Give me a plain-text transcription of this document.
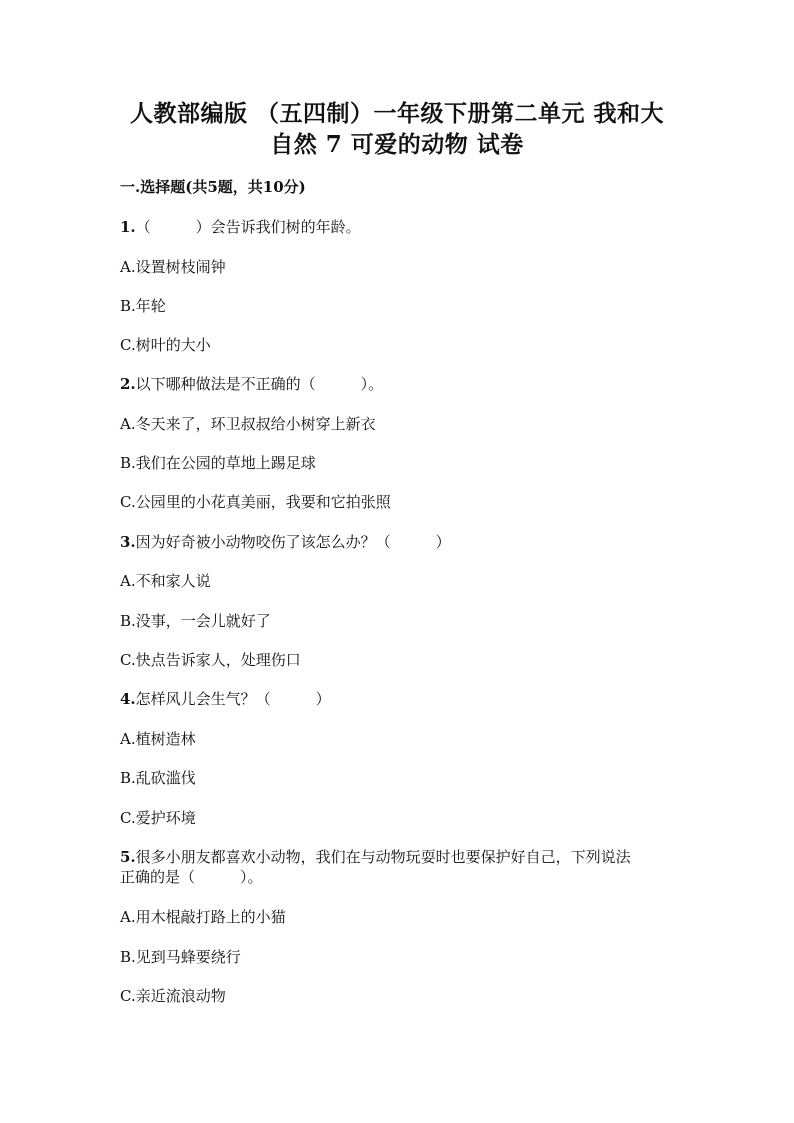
人教部编版 （五四制）一年级下册第二单元 我和大
自然 7 可爱的动物 试卷
一.选择题(共5题，共10分)
1.（　　　）会告诉我们树的年龄。
A.设置树枝闹钟
B.年轮
C.树叶的大小
2.以下哪种做法是不正确的（　　　）。
A.冬天来了，环卫叔叔给小树穿上新衣
B.我们在公园的草地上踢足球
C.公园里的小花真美丽，我要和它拍张照
3.因为好奇被小动物咬伤了该怎么办？（　　　）
A.不和家人说
B.没事，一会儿就好了
C.快点告诉家人，处理伤口
4.怎样风儿会生气？（　　　）
A.植树造林
B.乱砍滥伐
C.爱护环境
5.很多小朋友都喜欢小动物，我们在与动物玩耍时也要保护好自己，下列说法
正确的是（　　　）。
A.用木棍敲打路上的小猫
B.见到马蜂要绕行
C.亲近流浪动物
